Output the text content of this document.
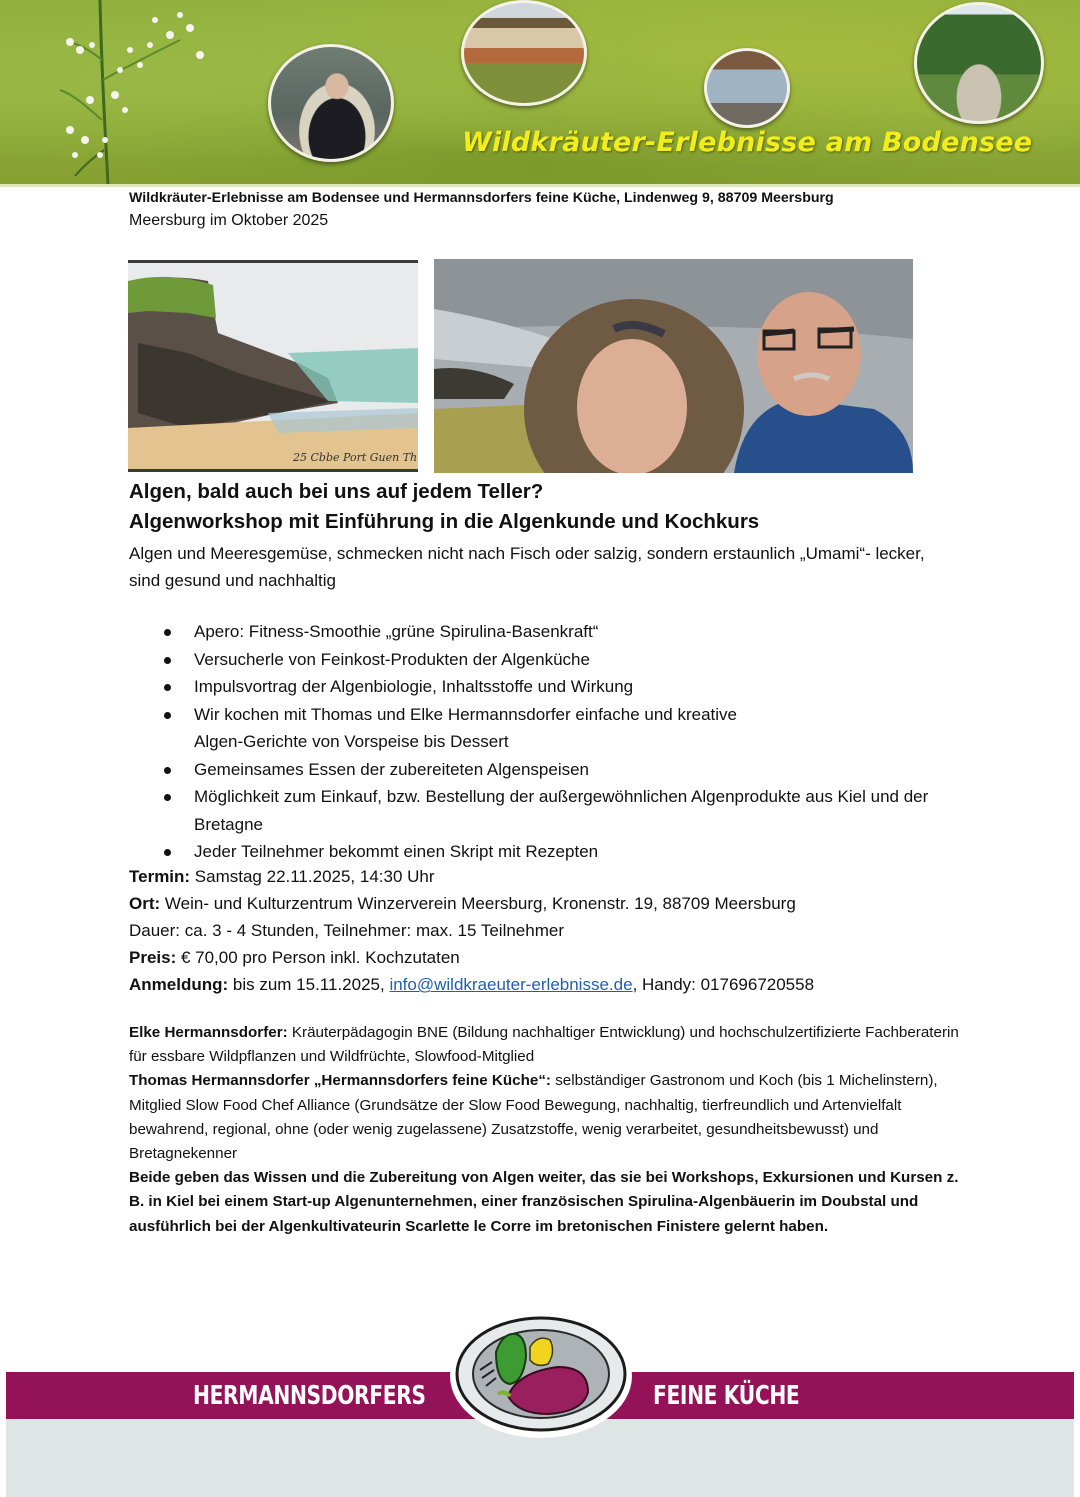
Wildkräuter-Erlebnisse am Bodensee
Wildkräuter-Erlebnisse am Bodensee und Hermannsdorfers feine Küche, Lindenweg 9, 88709 Meersburg
Meersburg im Oktober 2025
25 Cbbe Port Guen Th
Algen, bald auch bei uns auf jedem Teller?
Algenworkshop mit Einführung in die Algenkunde und Kochkurs
Algen und Meeresgemüse, schmecken nicht nach Fisch oder salzig, sondern erstaunlich „Umami“- lecker, sind gesund und nachhaltig
Apero: Fitness-Smoothie „grüne Spirulina-Basenkraft“
Versucherle von Feinkost-Produkten der Algenküche
Impulsvortrag der Algenbiologie, Inhaltsstoffe und Wirkung
Wir kochen mit Thomas und Elke Hermannsdorfer einfache und kreative Algen-Gerichte von Vorspeise bis Dessert
Gemeinsames Essen der zubereiteten Algenspeisen
Möglichkeit zum Einkauf, bzw. Bestellung der außergewöhnlichen Algenprodukte aus Kiel und der Bretagne
Jeder Teilnehmer bekommt einen Skript mit Rezepten
Termin: Samstag 22.11.2025, 14:30 Uhr
Ort: Wein- und Kulturzentrum Winzerverein Meersburg, Kronenstr. 19, 88709 Meersburg
Dauer: ca. 3 - 4 Stunden, Teilnehmer: max. 15 Teilnehmer
Preis: € 70,00 pro Person inkl. Kochzutaten
Anmeldung: bis zum 15.11.2025, info@wildkraeuter-erlebnisse.de, Handy: 017696720558
Elke Hermannsdorfer: Kräuterpädagogin BNE (Bildung nachhaltiger Entwicklung) und hochschulzertifizierte Fachberaterin für essbare Wildpflanzen und Wildfrüchte, Slowfood-Mitglied
Thomas Hermannsdorfer „Hermannsdorfers feine Küche“: selbständiger Gastronom und Koch (bis 1 Michelinstern), Mitglied Slow Food Chef Alliance (Grundsätze der Slow Food Bewegung, nachhaltig, tierfreundlich und Artenvielfalt bewahrend, regional, ohne (oder wenig zugelassene) Zusatzstoffe, wenig verarbeitet, gesundheitsbewusst) und Bretagnekenner
Beide geben das Wissen und die Zubereitung von Algen weiter, das sie bei Workshops, Exkursionen und Kursen z. B. in Kiel bei einem Start-up Algenunternehmen, einer französischen Spirulina-Algenbäuerin im Doubstal und ausführlich bei der Algenkultivateurin Scarlette le Corre im bretonischen Finistere gelernt haben.
HERMANNSDORFERS	FEINE KÜCHE
